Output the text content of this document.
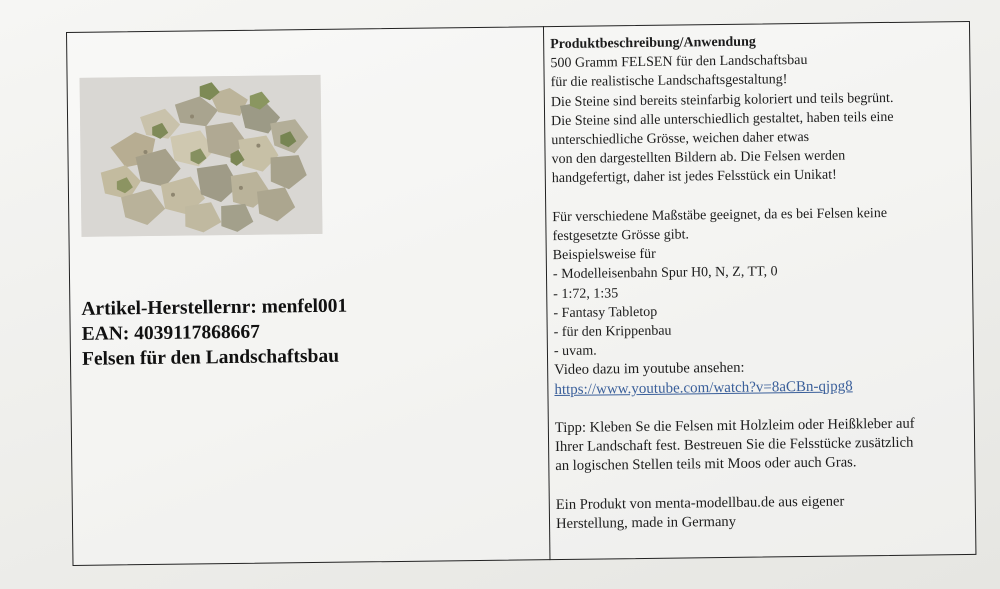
Artikel-Herstellernr: menfel001
EAN: 4039117868667
Felsen für den Landschaftsbau
Produktbeschreibung/Anwendung
500 Gramm FELSEN für den Landschaftsbau
für die realistische Landschaftsgestaltung!
Die Steine sind bereits steinfarbig koloriert und teils begrünt.
Die Steine sind alle unterschiedlich gestaltet, haben teils eine
unterschiedliche Grösse, weichen daher etwas
von den dargestellten Bildern ab. Die Felsen werden
handgefertigt, daher ist jedes Felsstück ein Unikat!
Für verschiedene Maßstäbe geeignet, da es bei Felsen keine
festgesetzte Grösse gibt.
Beispielsweise für
- Modelleisenbahn Spur H0, N, Z, TT, 0
- 1:72, 1:35
- Fantasy Tabletop
- für den Krippenbau
- uvam.
Video dazu im youtube ansehen:
https://www.youtube.com/watch?v=8aCBn-qjpg8
Tipp: Kleben Se die Felsen mit Holzleim oder Heißkleber auf
Ihrer Landschaft fest. Bestreuen Sie die Felsstücke zusätzlich
an logischen Stellen teils mit Moos oder auch Gras.
Ein Produkt von menta-modellbau.de aus eigener
Herstellung, made in Germany
